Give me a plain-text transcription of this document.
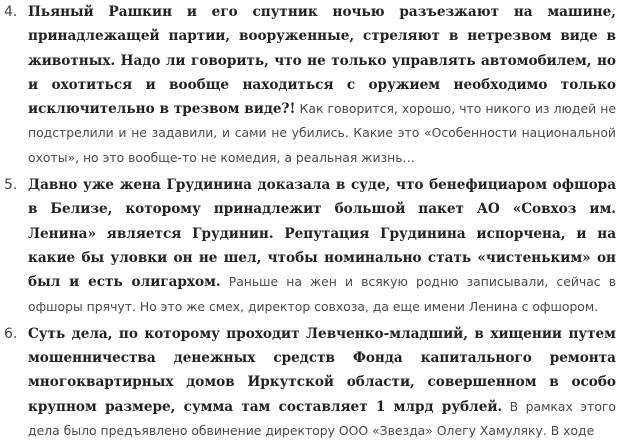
4. Пьяный Рашкин и его спутник ночью разъезжают на машине, принадлежащей партии, вооруженные, стреляют в нетрезвом виде в животных. Надо ли говорить, что не только управлять автомобилем, но и охотиться и вообще находиться с оружием необходимо только исключительно в трезвом виде?! Как говорится, хорошо, что никого из людей не подстрелили и не задавили, и сами не убились. Какие это «Особенности национальной охоты», но это вообще-то не комедия, а реальная жизнь…

5. Давно уже жена Грудинина доказала в суде, что бенефициаром офшора в Белизе, которому принадлежит большой пакет АО «Совхоз им. Ленина» является Грудинин. Репутация Грудинина испорчена, и на какие бы уловки он не шел, чтобы номинально стать «чистеньким» он был и есть олигархом. Раньше на жен и всякую родню записывали, сейчас в офшоры прячут. Но это же смех, директор совхоза, да еще имени Ленина с офшором.

6. Суть дела, по которому проходит Левченко-младший, в хищении путем мошенничества денежных средств Фонда капитального ремонта многоквартирных домов Иркутской области, совершенном в особо крупном размере, сумма там составляет 1 млрд рублей. В рамках этого дела было предъявлено обвинение директору ООО «Звезда» Олегу Хамуляку. В ходе
